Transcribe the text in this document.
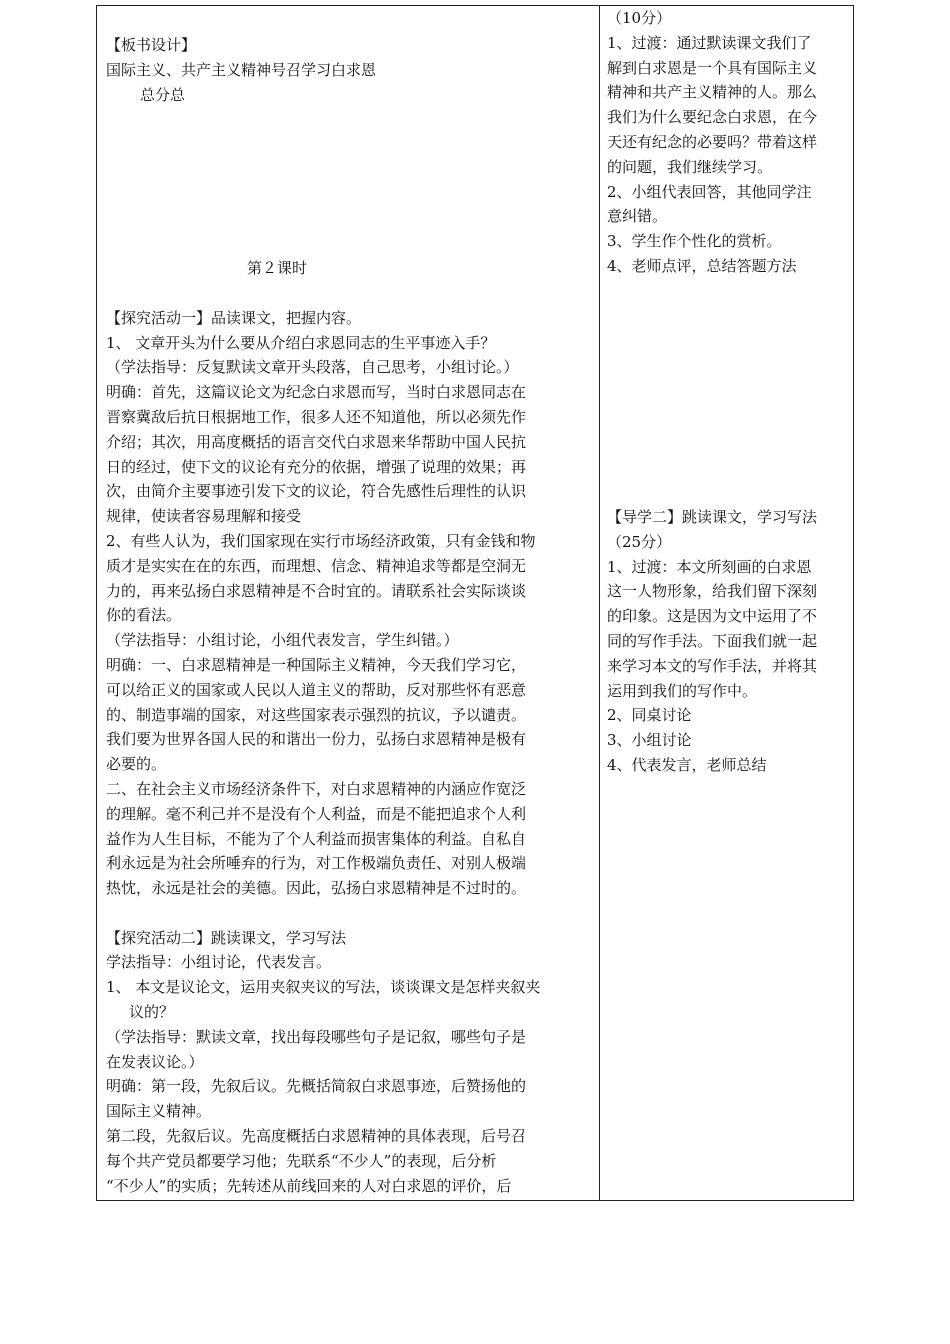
【板书设计】
国际主义、共产主义精神号召学习白求恩
总分总
第２课时
【探究活动一】品读课文，把握内容。
1、 文章开头为什么要从介绍白求恩同志的生平事迹入手？
（学法指导：反复默读文章开头段落，自己思考，小组讨论。）
明确：首先，这篇议论文为纪念白求恩而写，当时白求恩同志在
晋察冀敌后抗日根据地工作，很多人还不知道他，所以必须先作
介绍；其次，用高度概括的语言交代白求恩来华帮助中国人民抗
日的经过，使下文的议论有充分的依据，增强了说理的效果；再
次，由简介主要事迹引发下文的议论，符合先感性后理性的认识
规律，使读者容易理解和接受
2、有些人认为，我们国家现在实行市场经济政策，只有金钱和物
质才是实实在在的东西，而理想、信念、精神追求等都是空洞无
力的，再来弘扬白求恩精神是不合时宜的。请联系社会实际谈谈
你的看法。
（学法指导：小组讨论，小组代表发言，学生纠错。）
明确：一、白求恩精神是一种国际主义精神，今天我们学习它，
可以给正义的国家或人民以人道主义的帮助，反对那些怀有恶意
的、制造事端的国家，对这些国家表示强烈的抗议，予以谴责。
我们要为世界各国人民的和谐出一份力，弘扬白求恩精神是极有
必要的。
二、在社会主义市场经济条件下，对白求恩精神的内涵应作宽泛
的理解。毫不利己并不是没有个人利益，而是不能把追求个人利
益作为人生目标，不能为了个人利益而损害集体的利益。自私自
利永远是为社会所唾弃的行为，对工作极端负责任、对别人极端
热忱，永远是社会的美德。因此，弘扬白求恩精神是不过时的。
【探究活动二】跳读课文，学习写法
学法指导：小组讨论，代表发言。
1、 本文是议论文，运用夹叙夹议的写法，谈谈课文是怎样夹叙夹
议的？
（学法指导：默读文章，找出每段哪些句子是记叙，哪些句子是
在发表议论。）
明确：第一段，先叙后议。先概括简叙白求恩事迹，后赞扬他的
国际主义精神。
第二段，先叙后议。先高度概括白求恩精神的具体表现，后号召
每个共产党员都要学习他；先联系“不少人”的表现，后分析
“不少人”的实质；先转述从前线回来的人对白求恩的评价，后
（10分）
1、过渡：通过默读课文我们了
解到白求恩是一个具有国际主义
精神和共产主义精神的人。那么
我们为什么要纪念白求恩，在今
天还有纪念的必要吗？带着这样
的问题，我们继续学习。
2、小组代表回答，其他同学注
意纠错。
3、学生作个性化的赏析。
4、老师点评，总结答题方法
【导学二】跳读课文，学习写法
（25分）
1、过渡：本文所刻画的白求恩
这一人物形象，给我们留下深刻
的印象。这是因为文中运用了不
同的写作手法。下面我们就一起
来学习本文的写作手法，并将其
运用到我们的写作中。
2、同桌讨论
3、小组讨论
4、代表发言，老师总结
